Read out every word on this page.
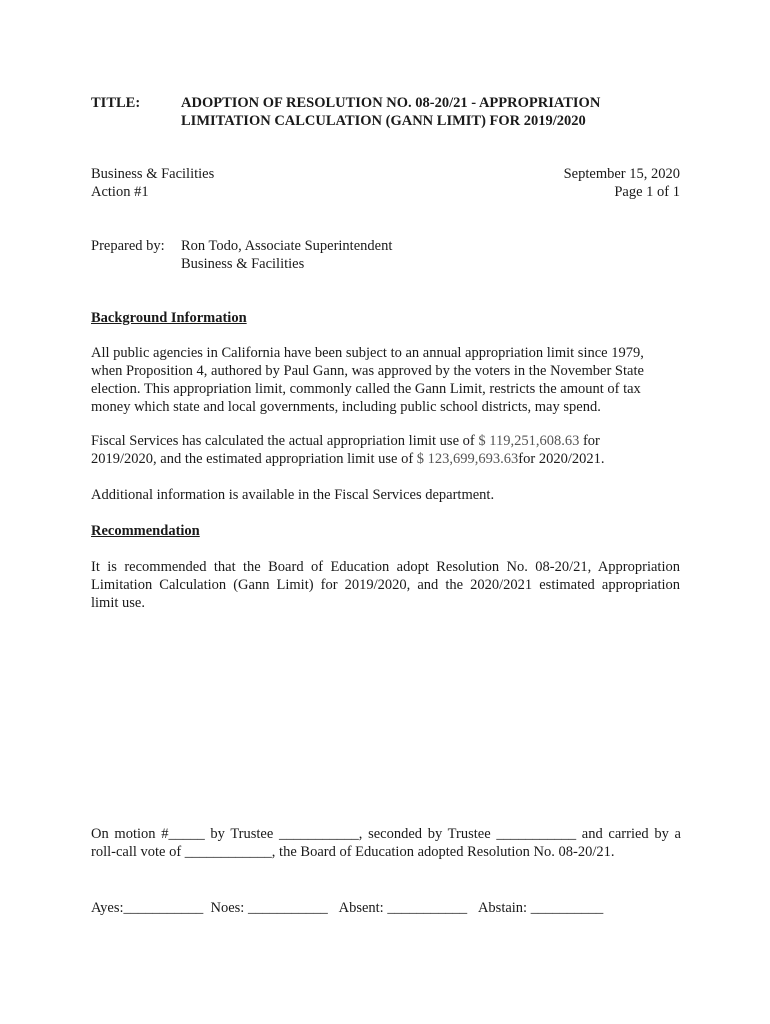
TITLE:	ADOPTION OF RESOLUTION NO. 08-20/21 - APPROPRIATION
LIMITATION CALCULATION (GANN LIMIT) FOR 2019/2020
Business & Facilities
Action #1
September 15, 2020
Page 1 of 1
Prepared by: Ron Todo, Associate Superintendent
Business & Facilities
Background Information
All public agencies in California have been subject to an annual appropriation limit since 1979,
when Proposition 4, authored by Paul Gann, was approved by the voters in the November State
election. This appropriation limit, commonly called the Gann Limit, restricts the amount of tax
money which state and local governments, including public school districts, may spend.
Fiscal Services has calculated the actual appropriation limit use of $ 119,251,608.63 for
2019/2020, and the estimated appropriation limit use of $ 123,699,693.63for 2020/2021.
Additional information is available in the Fiscal Services department.
Recommendation
It is recommended that the Board of Education adopt Resolution No. 08-20/21, Appropriation
Limitation Calculation (Gann Limit) for 2019/2020, and the 2020/2021 estimated appropriation
limit use.
On motion #_____ by Trustee ___________, seconded by Trustee ___________ and carried by a
roll-call vote of ____________, the Board of Education adopted Resolution No. 08-20/21.
Ayes:___________ Noes: ___________ Absent: ___________ Abstain: __________
